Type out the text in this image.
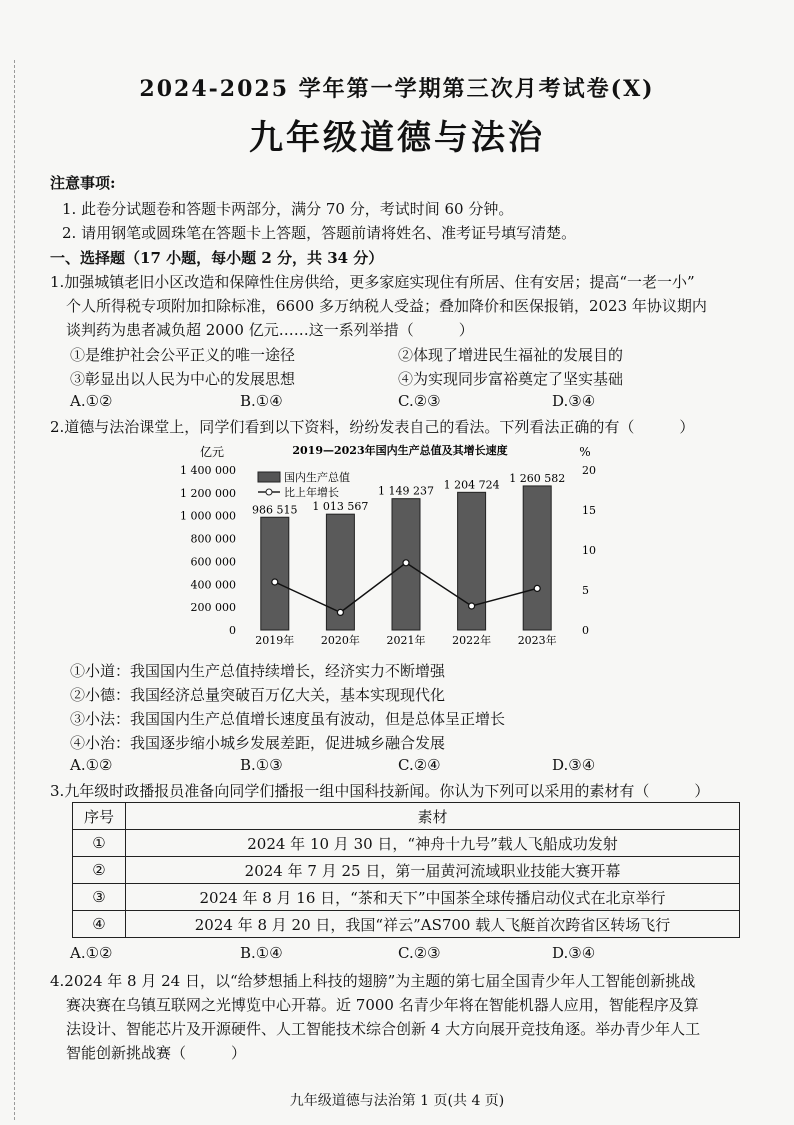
2024-2025 学年第一学期第三次月考试卷(X)
九年级道德与法治
注意事项:
1. 此卷分试题卷和答题卡两部分，满分 70 分，考试时间 60 分钟。
2. 请用钢笔或圆珠笔在答题卡上答题，答题前请将姓名、准考证号填写清楚。
一、选择题（17 小题，每小题 2 分，共 34 分）
1.加强城镇老旧小区改造和保障性住房供给，更多家庭实现住有所居、住有安居；提高“一老一小”
个人所得税专项附加扣除标准，6600 多万纳税人受益；叠加降价和医保报销，2023 年协议期内
谈判药为患者减负超 2000 亿元……这一系列举措（　　　）
①是维护社会公平正义的唯一途径	②体现了增进民生福祉的发展目的
③彰显出以人民为中心的发展思想	④为实现同步富裕奠定了坚实基础
A.①②	B.①④	C.②③	D.③④
2.道德与法治课堂上，同学们看到以下资料，纷纷发表自己的看法。下列看法正确的有（　　　）
2019—2023年国内生产总值及其增长速度
亿元	%
0
200 000
400 000
600 000
800 000
1 000 000
1 200 000
1 400 000
0
5
10
15
20
986 515 1 013 567
1 149 237 1 204 724 1 260 582
2019年 2020年 2021年 2022年 2023年
国内生产总值
比上年增长
①小道：我国国内生产总值持续增长，经济实力不断增强
②小德：我国经济总量突破百万亿大关，基本实现现代化
③小法：我国国内生产总值增长速度虽有波动，但是总体呈正增长
④小治：我国逐步缩小城乡发展差距，促进城乡融合发展
A.①②	B.①③	C.②④	D.③④
3.九年级时政播报员准备向同学们播报一组中国科技新闻。你认为下列可以采用的素材有（　　　）
序号	素材
①	2024 年 10 月 30 日，“神舟十九号”载人飞船成功发射
②	2024 年 7 月 25 日，第一届黄河流域职业技能大赛开幕
③	2024 年 8 月 16 日，“茶和天下”中国茶全球传播启动仪式在北京举行
④	2024 年 8 月 20 日，我国“祥云”AS700 载人飞艇首次跨省区转场飞行
A.①②	B.①④	C.②③	D.③④
4.2024 年 8 月 24 日，以“给梦想插上科技的翅膀”为主题的第七届全国青少年人工智能创新挑战
赛决赛在乌镇互联网之光博览中心开幕。近 7000 名青少年将在智能机器人应用，智能程序及算
法设计、智能芯片及开源硬件、人工智能技术综合创新 4 大方向展开竞技角逐。举办青少年人工
智能创新挑战赛（　　　）
九年级道德与法治第 1 页(共 4 页)
